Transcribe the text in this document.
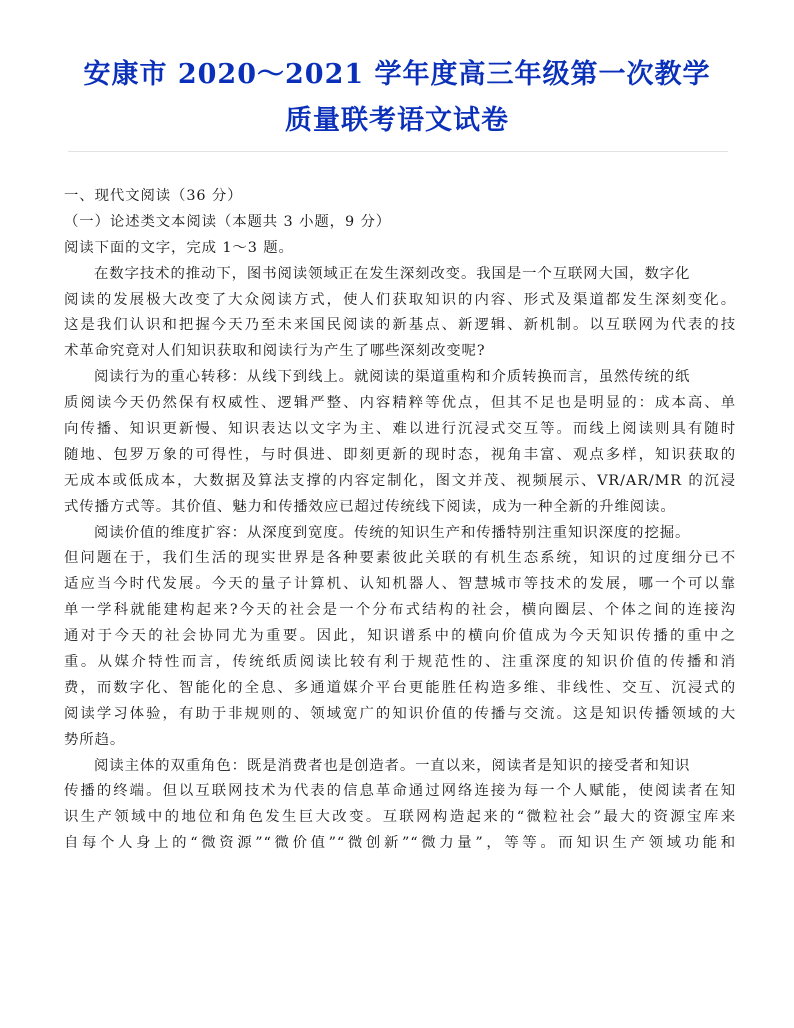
安康市 2020～2021 学年度高三年级第一次教学
质量联考语文试卷
一、现代文阅读（36 分）
（一）论述类文本阅读（本题共 3 小题，9 分）
阅读下面的文字，完成 1～3 题。
在数字技术的推动下，图书阅读领域正在发生深刻改变。我国是一个互联网大国，数字化
阅读的发展极大改变了大众阅读方式，使人们获取知识的内容、形式及渠道都发生深刻变化。
这是我们认识和把握今天乃至未来国民阅读的新基点、新逻辑、新机制。以互联网为代表的技
术革命究竟对人们知识获取和阅读行为产生了哪些深刻改变呢?
阅读行为的重心转移：从线下到线上。就阅读的渠道重构和介质转换而言，虽然传统的纸
质阅读今天仍然保有权威性、逻辑严整、内容精粹等优点，但其不足也是明显的：成本高、单
向传播、知识更新慢、知识表达以文字为主、难以进行沉浸式交互等。而线上阅读则具有随时
随地、包罗万象的可得性，与时俱进、即刻更新的现时态，视角丰富、观点多样，知识获取的
无成本或低成本，大数据及算法支撑的内容定制化，图文并茂、视频展示、VR/AR/MR 的沉浸
式传播方式等。其价值、魅力和传播效应已超过传统线下阅读，成为一种全新的升维阅读。
阅读价值的维度扩容：从深度到宽度。传统的知识生产和传播特别注重知识深度的挖掘。
但问题在于，我们生活的现实世界是各种要素彼此关联的有机生态系统，知识的过度细分已不
适应当今时代发展。今天的量子计算机、认知机器人、智慧城市等技术的发展，哪一个可以靠
单一学科就能建构起来?今天的社会是一个分布式结构的社会，横向圈层、个体之间的连接沟
通对于今天的社会协同尤为重要。因此，知识谱系中的横向价值成为今天知识传播的重中之
重。从媒介特性而言，传统纸质阅读比较有利于规范性的、注重深度的知识价值的传播和消
费，而数字化、智能化的全息、多通道媒介平台更能胜任构造多维、非线性、交互、沉浸式的
阅读学习体验，有助于非规则的、领域宽广的知识价值的传播与交流。这是知识传播领域的大
势所趋。
阅读主体的双重角色：既是消费者也是创造者。一直以来，阅读者是知识的接受者和知识
传播的终端。但以互联网技术为代表的信息革命通过网络连接为每一个人赋能，使阅读者在知
识生产领域中的地位和角色发生巨大改变。互联网构造起来的“微粒社会”最大的资源宝库来
自每个人身上的“微资源”“微价值”“微创新”“微力量”，等等。而知识生产领域功能和
